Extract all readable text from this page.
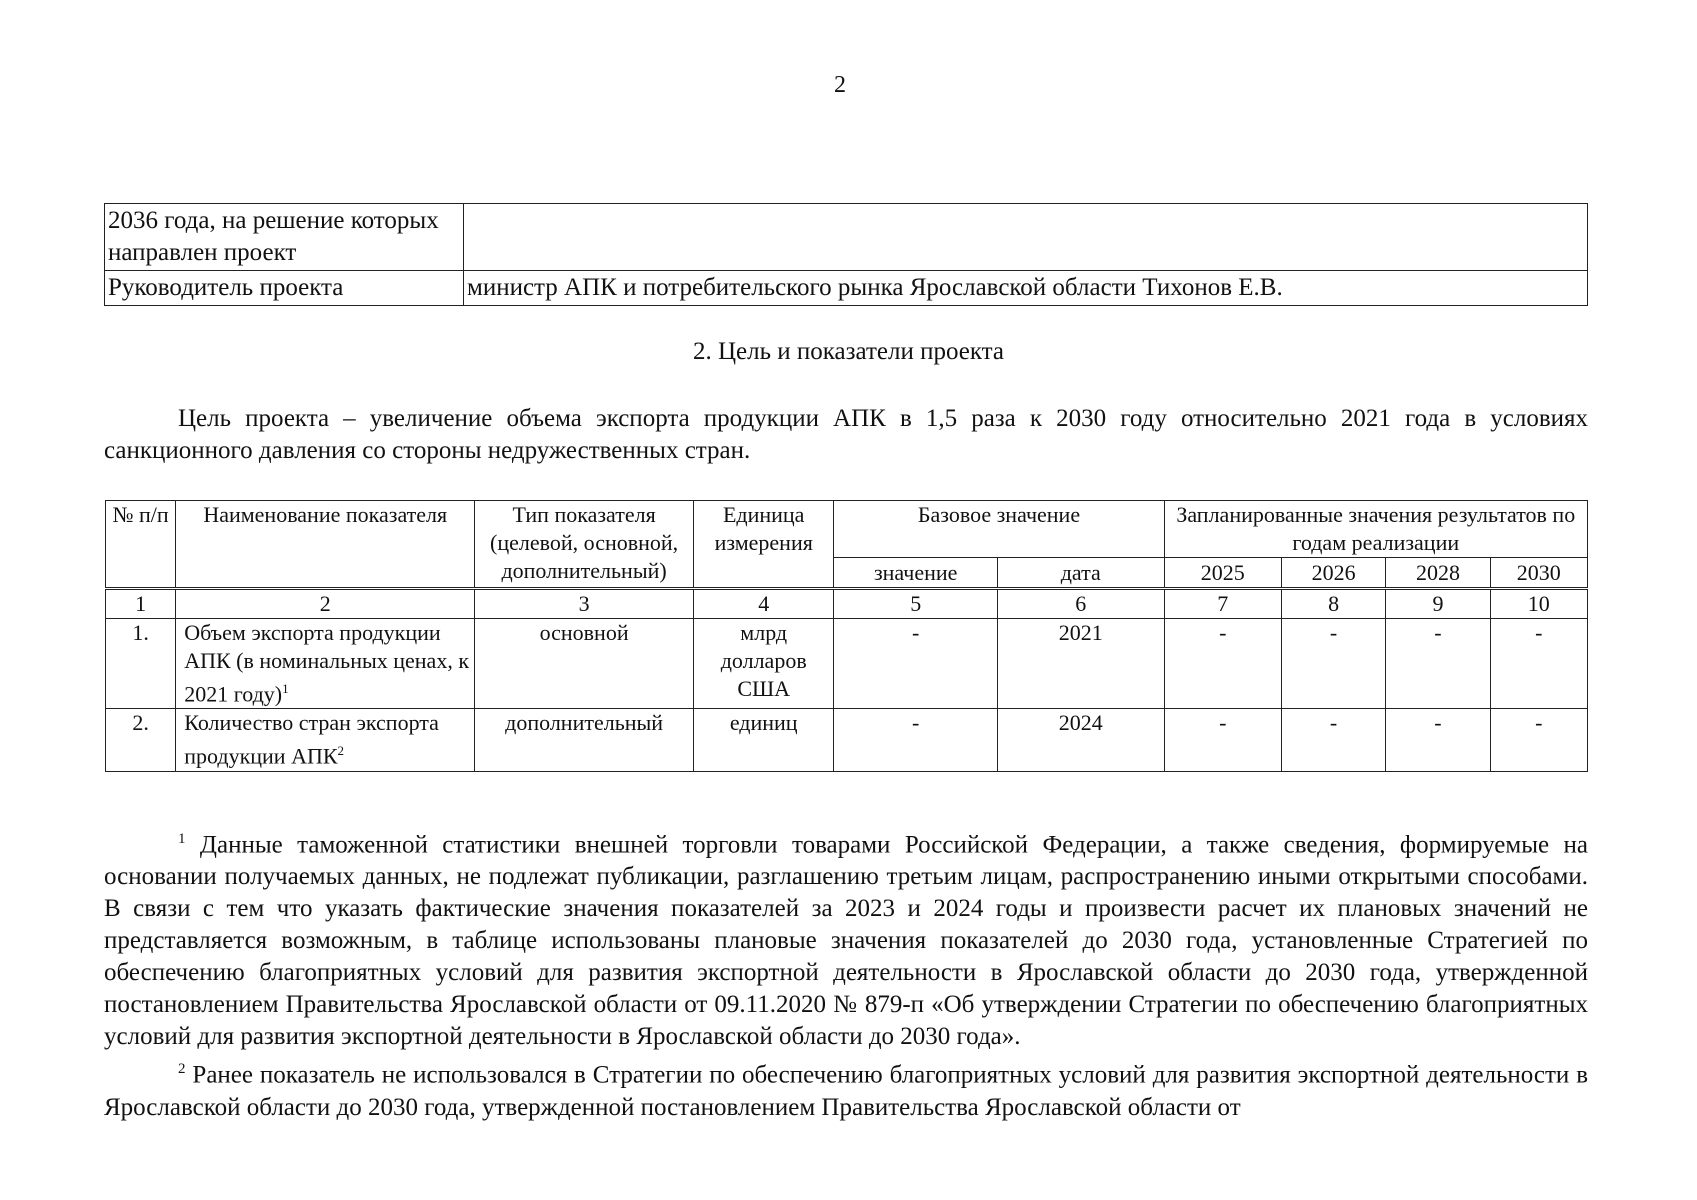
2
2036 года, на решение которых направлен проект	
Руководитель проекта	министр АПК и потребительского рынка Ярославской области Тихонов Е.В.
2. Цель и показатели проекта

Цель проекта – увеличение объема экспорта продукции АПК в 1,5 раза к 2030 году относительно 2021 года в условиях санкционного давления со стороны недружественных стран.

№ п/п	Наименование показателя	Тип показателя (целевой, основной, дополнительный)	Единица измерения	Базовое значение		Запланированные значения результатов по годам реализации			
				значение	дата	2025	2026	2028	2030
1	2	3	4	5	6	7	8	9	10
1.	Объем экспорта продукции АПК (в номинальных ценах, к 2021 году)$^1$	основной	млрд долларов США	-	2021	-	-	-	-
2.	Количество стран экспорта продукции АПК$^2$	дополнительный	единиц	-	2024	-	-	-	-

$^1$ Данные таможенной статистики внешней торговли товарами Российской Федерации, а также сведения, формируемые на основании получаемых данных, не подлежат публикации, разглашению третьим лицам, распространению иными открытыми способами. В связи с тем что указать фактические значения показателей за 2023 и 2024 годы и произвести расчет их плановых значений не представляется возможным, в таблице использованы плановые значения показателей до 2030 года, установленные Стратегией по обеспечению благоприятных условий для развития экспортной деятельности в Ярославской области до 2030 года, утвержденной постановлением Правительства Ярославской области от 09.11.2020 № 879-п «Об утверждении Стратегии по обеспечению благоприятных условий для развития экспортной деятельности в Ярославской области до 2030 года».

$^2$ Ранее показатель не использовался в Стратегии по обеспечению благоприятных условий для развития экспортной деятельности в Ярославской области до 2030 года, утвержденной постановлением Правительства Ярославской области от
